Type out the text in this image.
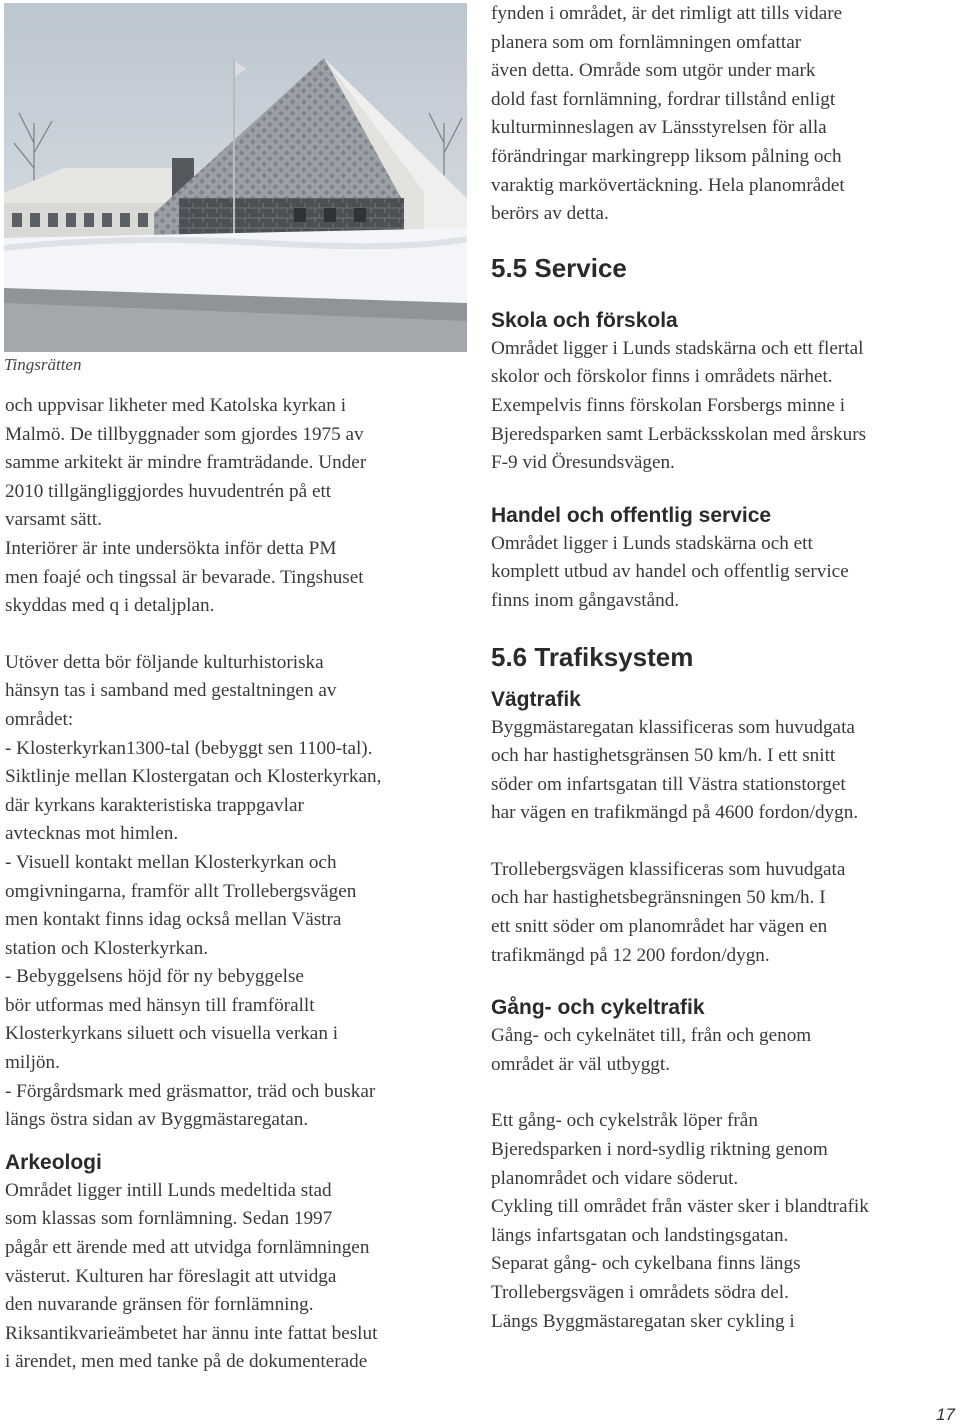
Tingsrätten

och uppvisar likheter med Katolska kyrkan i
Malmö. De tillbyggnader som gjordes 1975 av
samme arkitekt är mindre framträdande. Under
2010 tillgängliggjordes huvudentrén på ett
varsamt sätt.
Interiörer är inte undersökta inför detta PM
men foajé och tingssal är bevarade. Tingshuset
skyddas med q i detaljplan.

Utöver detta bör följande kulturhistoriska
hänsyn tas i samband med gestaltningen av
området:
- Klosterkyrkan1300-tal (bebyggt sen 1100-tal).
Siktlinje mellan Klostergatan och Klosterkyrkan,
där kyrkans karakteristiska trappgavlar
avtecknas mot himlen.
- Visuell kontakt mellan Klosterkyrkan och
omgivningarna, framför allt Trollebergsvägen
men kontakt finns idag också mellan Västra
station och Klosterkyrkan.
- Bebyggelsens höjd för ny bebyggelse
bör utformas med hänsyn till framförallt
Klosterkyrkans siluett och visuella verkan i
miljön.
- Förgårdsmark med gräsmattor, träd och buskar
längs östra sidan av Byggmästaregatan.

Arkeologi

Området ligger intill Lunds medeltida stad
som klassas som fornlämning. Sedan 1997
pågår ett ärende med att utvidga fornlämningen
västerut. Kulturen har föreslagit att utvidga
den nuvarande gränsen för fornlämning.
Riksantikvarieämbetet har ännu inte fattat beslut
i ärendet, men med tanke på de dokumenterade

fynden i området, är det rimligt att tills vidare
planera som om fornlämningen omfattar
även detta. Område som utgör under mark
dold fast fornlämning, fordrar tillstånd enligt
kulturminneslagen av Länsstyrelsen för alla
förändringar markingrepp liksom pålning och
varaktig markövertäckning. Hela planområdet
berörs av detta.

5.5 Service
Skola och förskola

Området ligger i Lunds stadskärna och ett flertal
skolor och förskolor finns i områdets närhet.
Exempelvis finns förskolan Forsbergs minne i
Bjeredsparken samt Lerbäcksskolan med årskurs
F-9 vid Öresundsvägen.

Handel och offentlig service

Området ligger i Lunds stadskärna och ett
komplett utbud av handel och offentlig service
finns inom gångavstånd.

5.6 Trafiksystem
Vägtrafik

Byggmästaregatan klassificeras som huvudgata
och har hastighetsgränsen 50 km/h. I ett snitt
söder om infartsgatan till Västra stationstorget
har vägen en trafikmängd på 4600 fordon/dygn.

Trollebergsvägen klassificeras som huvudgata
och har hastighetsbegränsningen 50 km/h. I
ett snitt söder om planområdet har vägen en
trafikmängd på 12 200 fordon/dygn.

Gång- och cykeltrafik

Gång- och cykelnätet till, från och genom
området är väl utbyggt.

Ett gång- och cykelstråk löper från
Bjeredsparken i nord-sydlig riktning genom
planområdet och vidare söderut.
Cykling till området från väster sker i blandtrafik
längs infartsgatan och landstingsgatan.
Separat gång- och cykelbana finns längs
Trollebergsvägen i områdets södra del.
Längs Byggmästaregatan sker cykling i

17
